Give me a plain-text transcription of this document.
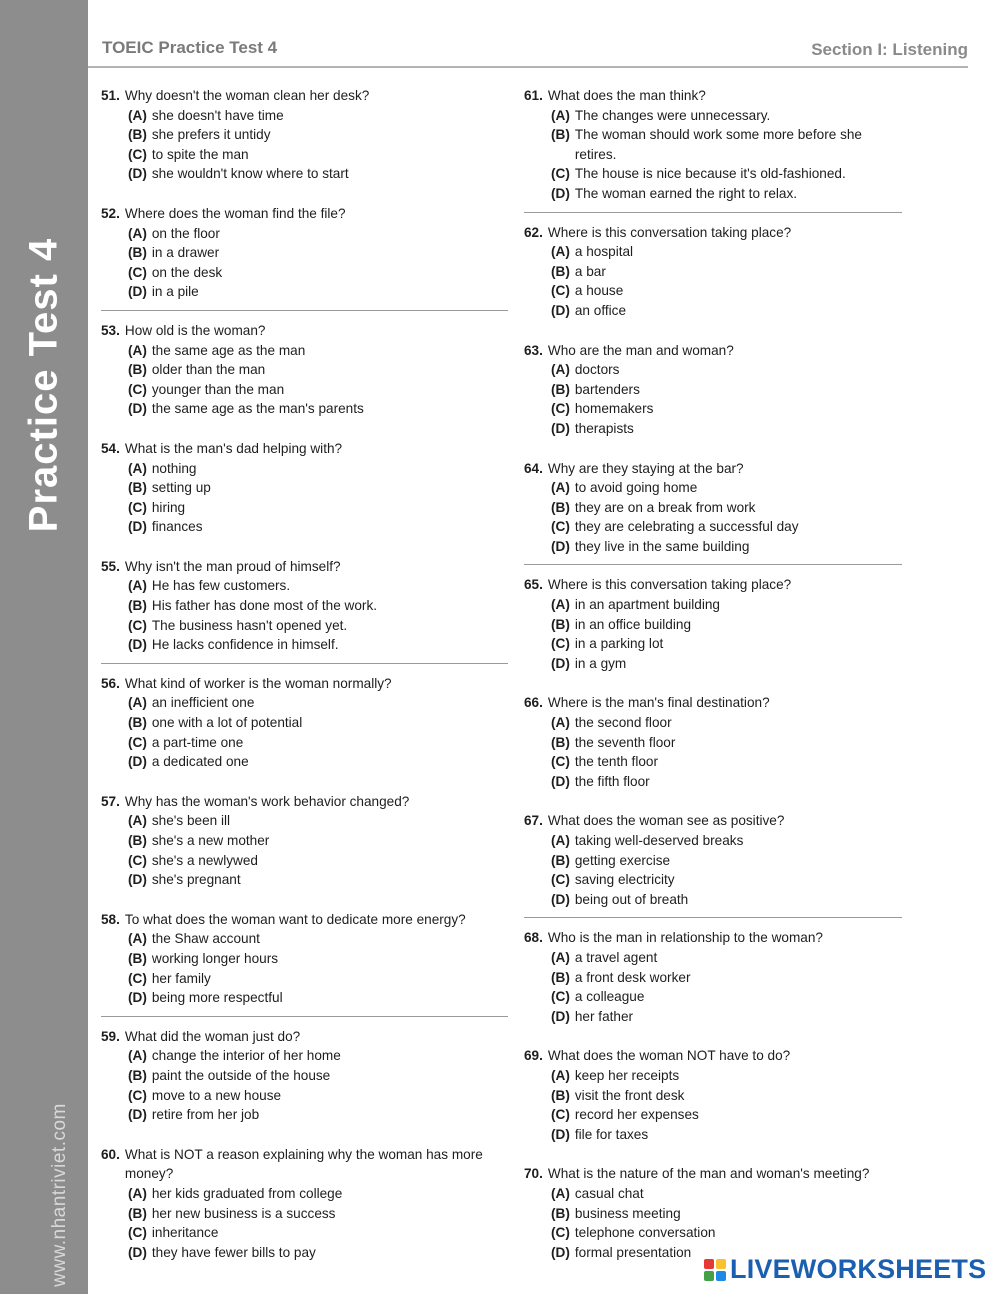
Practice Test 4
www.nhantriviet.com
TOEIC Practice Test 4	Section I: Listening
51. Why doesn't the woman clean her desk?
(A) she doesn't have time
(B) she prefers it untidy
(C) to spite the man
(D) she wouldn't know where to start
52. Where does the woman find the file?
(A) on the floor
(B) in a drawer
(C) on the desk
(D) in a pile
53. How old is the woman?
(A) the same age as the man
(B) older than the man
(C) younger than the man
(D) the same age as the man's parents
54. What is the man's dad helping with?
(A) nothing
(B) setting up
(C) hiring
(D) finances
55. Why isn't the man proud of himself?
(A) He has few customers.
(B) His father has done most of the work.
(C) The business hasn't opened yet.
(D) He lacks confidence in himself.
56. What kind of worker is the woman normally?
(A) an inefficient one
(B) one with a lot of potential
(C) a part-time one
(D) a dedicated one
57. Why has the woman's work behavior changed?
(A) she's been ill
(B) she's a new mother
(C) she's a newlywed
(D) she's pregnant
58. To what does the woman want to dedicate more energy?
(A) the Shaw account
(B) working longer hours
(C) her family
(D) being more respectful
59. What did the woman just do?
(A) change the interior of her home
(B) paint the outside of the house
(C) move to a new house
(D) retire from her job
60. What is NOT a reason explaining why the woman has more money?
(A) her kids graduated from college
(B) her new business is a success
(C) inheritance
(D) they have fewer bills to pay
61. What does the man think?
(A) The changes were unnecessary.
(B) The woman should work some more before she retires.
(C) The house is nice because it's old-fashioned.
(D) The woman earned the right to relax.
62. Where is this conversation taking place?
(A) a hospital
(B) a bar
(C) a house
(D) an office
63. Who are the man and woman?
(A) doctors
(B) bartenders
(C) homemakers
(D) therapists
64. Why are they staying at the bar?
(A) to avoid going home
(B) they are on a break from work
(C) they are celebrating a successful day
(D) they live in the same building
65. Where is this conversation taking place?
(A) in an apartment building
(B) in an office building
(C) in a parking lot
(D) in a gym
66. Where is the man's final destination?
(A) the second floor
(B) the seventh floor
(C) the tenth floor
(D) the fifth floor
67. What does the woman see as positive?
(A) taking well-deserved breaks
(B) getting exercise
(C) saving electricity
(D) being out of breath
68. Who is the man in relationship to the woman?
(A) a travel agent
(B) a front desk worker
(C) a colleague
(D) her father
69. What does the woman NOT have to do?
(A) keep her receipts
(B) visit the front desk
(C) record her expenses
(D) file for taxes
70. What is the nature of the man and woman's meeting?
(A) casual chat
(B) business meeting
(C) telephone conversation
(D) formal presentation
LIVEWORKSHEETS
